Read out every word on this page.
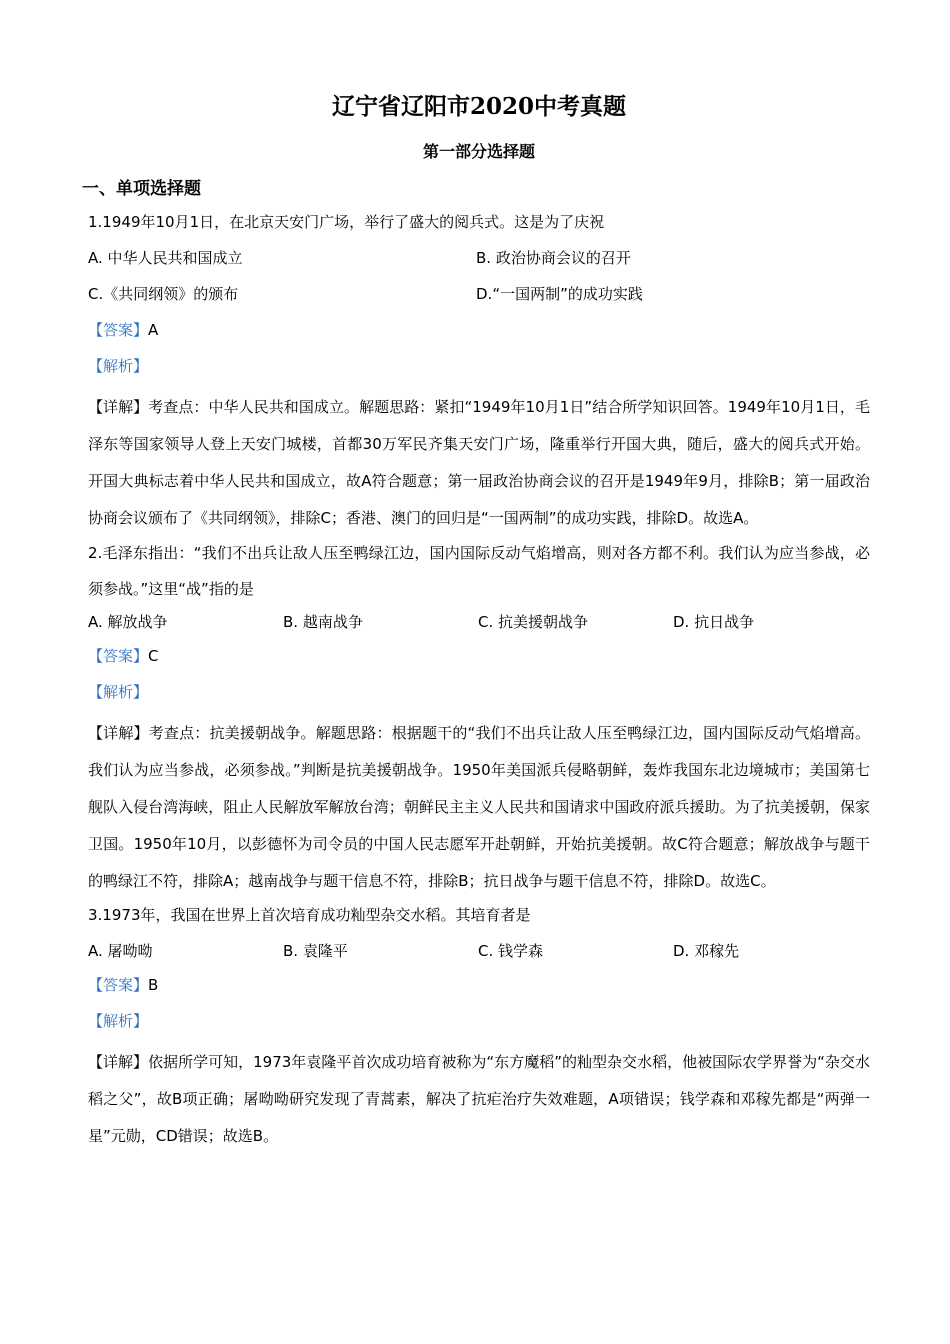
辽宁省辽阳市2020中考真题
第一部分选择题
一、单项选择题
1.1949年10月1日，在北京天安门广场，举行了盛大的阅兵式。这是为了庆祝
A. 中华人民共和国成立	B. 政治协商会议的召开
C.《共同纲领》的颁布	D.“一国两制”的成功实践
【答案】A
【解析】
【详解】考查点：中华人民共和国成立。解题思路：紧扣“1949年10月1日”结合所学知识回答。1949年10月1日，毛泽东等国家领导人登上天安门城楼，首都30万军民齐集天安门广场，隆重举行开国大典，随后，盛大的阅兵式开始。开国大典标志着中华人民共和国成立，故A符合题意；第一届政治协商会议的召开是1949年9月，排除B；第一届政治协商会议颁布了《共同纲领》，排除C；香港、澳门的回归是“一国两制”的成功实践，排除D。故选A。
2.毛泽东指出：“我们不出兵让敌人压至鸭绿江边，国内国际反动气焰增高，则对各方都不利。我们认为应当参战，必须参战。”这里“战”指的是
A. 解放战争	B. 越南战争	C. 抗美援朝战争	D. 抗日战争
【答案】C
【解析】
【详解】考查点：抗美援朝战争。解题思路：根据题干的“我们不出兵让敌人压至鸭绿江边，国内国际反动气焰增高。我们认为应当参战，必须参战。”判断是抗美援朝战争。1950年美国派兵侵略朝鲜，轰炸我国东北边境城市；美国第七舰队入侵台湾海峡，阻止人民解放军解放台湾；朝鲜民主主义人民共和国请求中国政府派兵援助。为了抗美援朝，保家卫国。1950年10月，以彭德怀为司令员的中国人民志愿军开赴朝鲜，开始抗美援朝。故C符合题意；解放战争与题干的鸭绿江不符，排除A；越南战争与题干信息不符，排除B；抗日战争与题干信息不符，排除D。故选C。
3.1973年，我国在世界上首次培育成功籼型杂交水稻。其培育者是
A. 屠呦呦	B. 袁隆平	C. 钱学森	D. 邓稼先
【答案】B
【解析】
【详解】依据所学可知，1973年袁隆平首次成功培育被称为“东方魔稻”的籼型杂交水稻，他被国际农学界誉为“杂交水稻之父”，故B项正确；屠呦呦研究发现了青蒿素，解决了抗疟治疗失效难题，A项错误；钱学森和邓稼先都是“两弹一星”元勋，CD错误；故选B。
